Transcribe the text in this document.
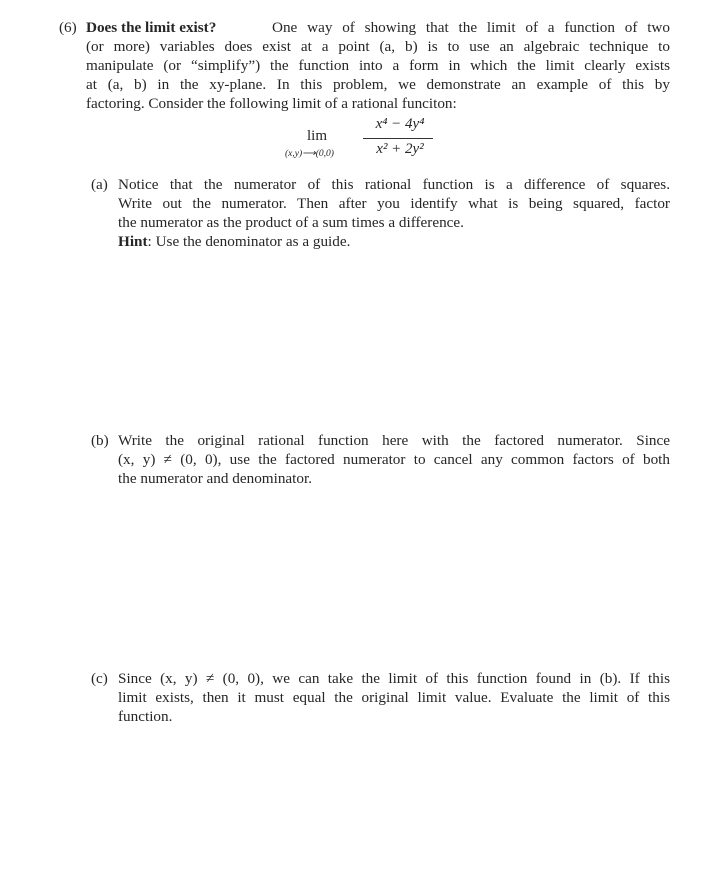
(6) Does the limit exist?	One way of showing that the limit of a function of two
(or more) variables does exist at a point (a, b) is to use an algebraic technique to
manipulate (or “simplify”) the function into a form in which the limit clearly exists
at (a, b) in the xy-plane. In this problem, we demonstrate an example of this by
factoring. Consider the following limit of a rational funciton:
lim
(x,y)⟶(0,0)
x⁴ − 4y⁴
x² + 2y²
(a) Notice that the numerator of this rational function is a difference of squares.
Write out the numerator. Then after you identify what is being squared, factor
the numerator as the product of a sum times a difference.
Hint: Use the denominator as a guide.
(b) Write the original rational function here with the factored numerator. Since
(x, y) ≠ (0, 0), use the factored numerator to cancel any common factors of both
the numerator and denominator.
(c) Since (x, y) ≠ (0, 0), we can take the limit of this function found in (b). If this
limit exists, then it must equal the original limit value. Evaluate the limit of this
function.
